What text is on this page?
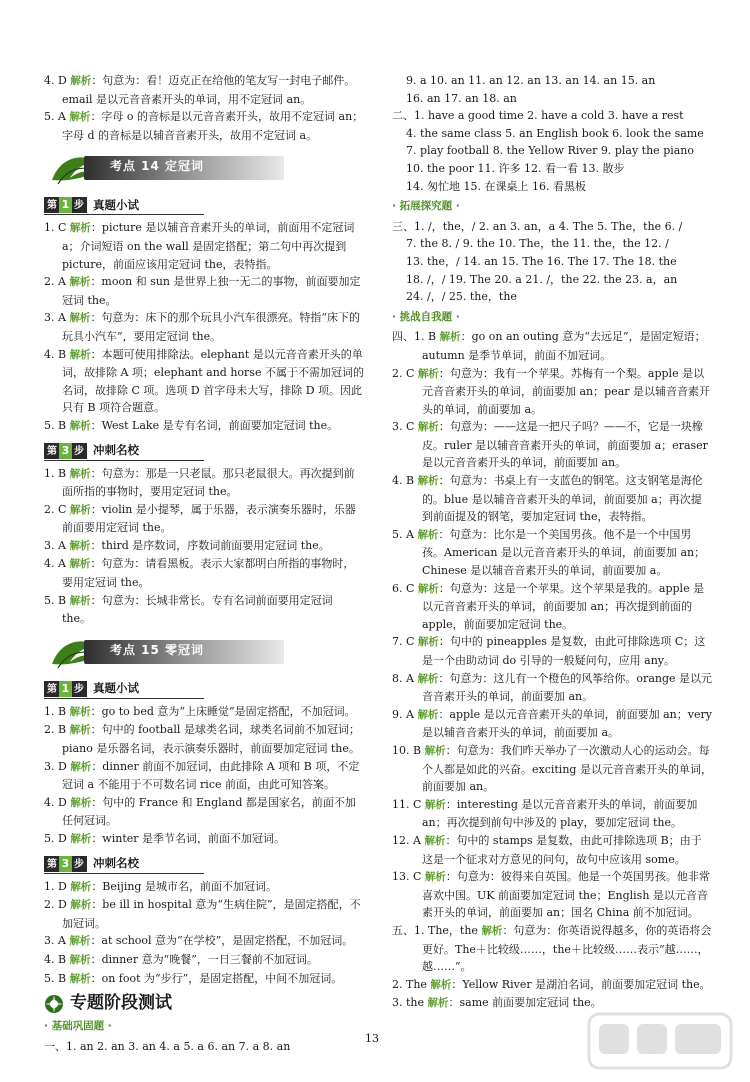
4. D 解析：句意为：看！迈克正在给他的笔友写一封电子邮件。email 是以元音音素开头的单词，用不定冠词 an。

5. A 解析：字母 o 的音标是以元音音素开头，故用不定冠词 an；字母 d 的音标是以辅音音素开头，故用不定冠词 a。

考点 14 定冠词
第 1 步 真题小试

1. C 解析：picture 是以辅音音素开头的单词，前面用不定冠词 a；介词短语 on the wall 是固定搭配；第二句中再次提到 picture，前面应该用定冠词 the，表特指。

2. A 解析：moon 和 sun 是世界上独一无二的事物，前面要加定冠词 the。

3. A 解析：句意为：床下的那个玩具小汽车很漂亮。特指“床下的玩具小汽车”，要用定冠词 the。

4. B 解析：本题可使用排除法。elephant 是以元音音素开头的单词，故排除 A 项；elephant and horse 不属于不需加冠词的名词，故排除 C 项。选项 D 首字母未大写，排除 D 项。因此只有 B 项符合题意。

5. B 解析：West Lake 是专有名词，前面要加定冠词 the。

第 3 步 冲刺名校

1. B 解析：句意为：那是一只老鼠。那只老鼠很大。再次提到前面所指的事物时，要用定冠词 the。

2. C 解析：violin 是小提琴，属于乐器，表示演奏乐器时，乐器前面要用定冠词 the。

3. A 解析：third 是序数词，序数词前面要用定冠词 the。

4. A 解析：句意为：请看黑板。表示大家都明白所指的事物时，要用定冠词 the。

5. B 解析：句意为：长城非常长。专有名词前面要用定冠词 the。

考点 15 零冠词
第 1 步 真题小试

1. B 解析：go to bed 意为“上床睡觉”是固定搭配，不加冠词。

2. B 解析：句中的 football 是球类名词，球类名词前不加冠词；piano 是乐器名词，表示演奏乐器时，前面要加定冠词 the。

3. D 解析：dinner 前面不加冠词，由此排除 A 项和 B 项，不定冠词 a 不能用于不可数名词 rice 前面，由此可知答案。

4. D 解析：句中的 France 和 England 都是国家名，前面不加任何冠词。

5. D 解析：winter 是季节名词，前面不加冠词。

第 3 步 冲刺名校

1. D 解析：Beijing 是城市名，前面不加冠词。

2. D 解析：be ill in hospital 意为“生病住院”，是固定搭配，不加冠词。

3. A 解析：at school 意为“在学校”，是固定搭配，不加冠词。

4. B 解析：dinner 意为“晚餐”，一日三餐前不加冠词。

5. B 解析：on foot 为“步行”，是固定搭配，中间不加冠词。

专题阶段测试
· 基础巩固题 ·
一、1. an 2. an 3. an 4. a 5. a 6. an 7. a 8. an

9. a 10. an 11. an 12. an 13. an 14. an 15. an

16. an 17. an 18. an

二、1. have a good time 2. have a cold 3. have a rest

4. the same class 5. an English book 6. look the same

7. play football 8. the Yellow River 9. play the piano

10. the poor 11. 许多 12. 看一看 13. 散步

14. 匆忙地 15. 在课桌上 16. 看黑板

· 拓展探究题 ·

三、1. /，the，/ 2. an 3. an，a 4. The 5. The，the 6. /

7. the 8. / 9. the 10. The，the 11. the，the 12. /

13. the，/ 14. an 15. The 16. The 17. The 18. the

18. /，/ 19. The 20. a 21. /，the 22. the 23. a，an

24. /，/ 25. the，the

· 挑战自我题 ·

四、1. B 解析：go on an outing 意为“去远足”，是固定短语；autumn 是季节单词，前面不加冠词。

2. C 解析：句意为：我有一个苹果。苏梅有一个梨。apple 是以元音音素开头的单词，前面要加 an；pear 是以辅音音素开头的单词，前面要加 a。

3. C 解析：句意为：——这是一把尺子吗？——不，它是一块橡皮。ruler 是以辅音音素开头的单词，前面要加 a；eraser 是以元音音素开头的单词，前面要加 an。

4. B 解析：句意为：书桌上有一支蓝色的钢笔。这支钢笔是海伦的。blue 是以辅音音素开头的单词，前面要加 a；再次提到前面提及的钢笔，要加定冠词 the，表特指。

5. A 解析：句意为：比尔是一个美国男孩。他不是一个中国男孩。American 是以元音音素开头的单词，前面要加 an；Chinese 是以辅音音素开头的单词，前面要加 a。

6. C 解析：句意为：这是一个苹果。这个苹果是我的。apple 是以元音音素开头的单词，前面要加 an；再次提到前面的 apple，前面要加定冠词 the。

7. C 解析：句中的 pineapples 是复数，由此可排除选项 C；这是一个由助动词 do 引导的一般疑问句，应用 any。

8. A 解析：句意为：这儿有一个橙色的风筝给你。orange 是以元音音素开头的单词，前面要加 an。

9. A 解析：apple 是以元音音素开头的单词，前面要加 an；very 是以辅音音素开头的单词，前面要加 a。

10. B 解析：句意为：我们昨天举办了一次激动人心的运动会。每个人都是如此的兴奋。exciting 是以元音音素开头的单词，前面要加 an。

11. C 解析：interesting 是以元音音素开头的单词，前面要加 an；再次提到前句中涉及的 play，要加定冠词 the。

12. A 解析：句中的 stamps 是复数，由此可排除选项 B；由于这是一个征求对方意见的问句，故句中应该用 some。

13. C 解析：句意为：彼得来自英国。他是一个英国男孩。他非常喜欢中国。UK 前面要加定冠词 the；English 是以元音音素开头的单词，前面要加 an；国名 China 前不加冠词。

五、1. The，the 解析：句意为：你英语说得越多，你的英语将会更好。The＋比较级……，the＋比较级……表示“越……，越……”。

2. The 解析：Yellow River 是湖泊名词，前面要加定冠词 the。

3. the 解析：same 前面要加定冠词 the。

13
